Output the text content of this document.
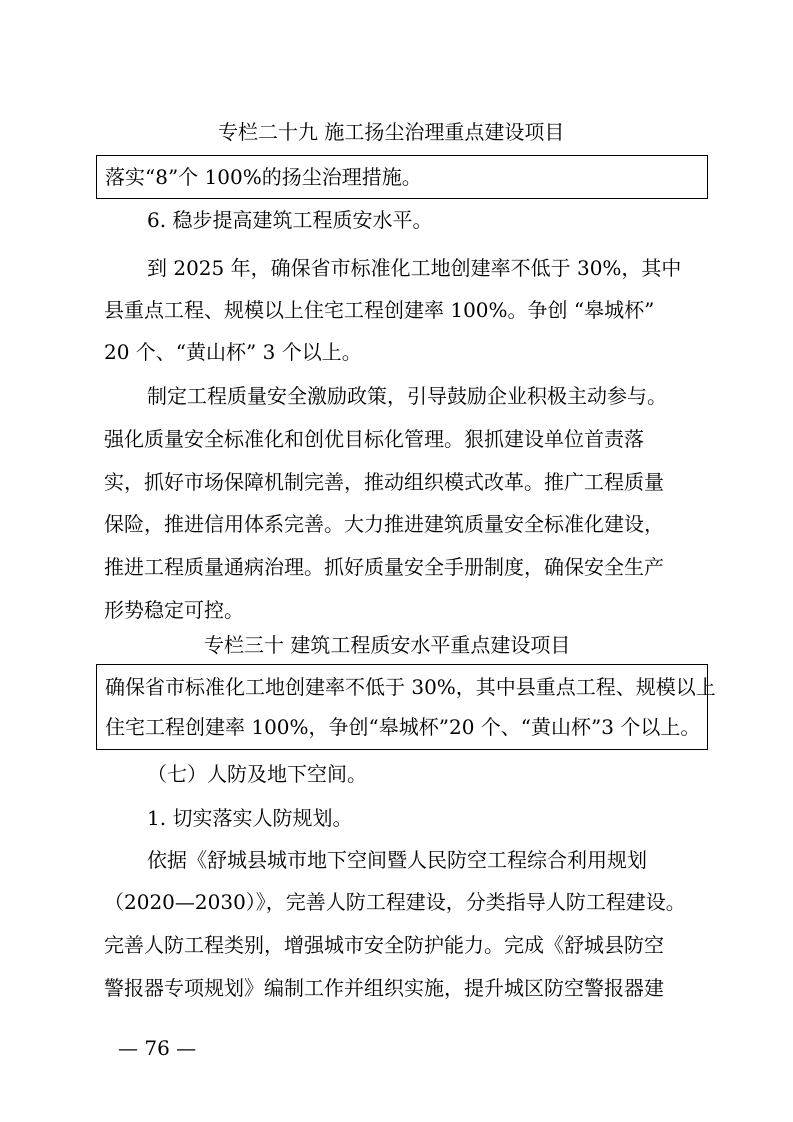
专栏二十九 施工扬尘治理重点建设项目
落实“8”个 100%的扬尘治理措施。
6. 稳步提高建筑工程质安水平。
到 2025 年，确保省市标准化工地创建率不低于 30%，其中
县重点工程、规模以上住宅工程创建率 100%。争创 “皋城杯”
20 个、“黄山杯” 3 个以上。
制定工程质量安全激励政策，引导鼓励企业积极主动参与。
强化质量安全标准化和创优目标化管理。狠抓建设单位首责落
实，抓好市场保障机制完善，推动组织模式改革。推广工程质量
保险，推进信用体系完善。大力推进建筑质量安全标准化建设，
推进工程质量通病治理。抓好质量安全手册制度，确保安全生产
形势稳定可控。
专栏三十 建筑工程质安水平重点建设项目
确保省市标准化工地创建率不低于 30%，其中县重点工程、规模以上
住宅工程创建率 100%，争创“皋城杯”20 个、“黄山杯”3 个以上。
（七）人防及地下空间。
1. 切实落实人防规划。
依据《舒城县城市地下空间暨人民防空工程综合利用规划
（2020—2030）》，完善人防工程建设，分类指导人防工程建设。
完善人防工程类别，增强城市安全防护能力。完成《舒城县防空
警报器专项规划》编制工作并组织实施，提升城区防空警报器建
— 76 —
